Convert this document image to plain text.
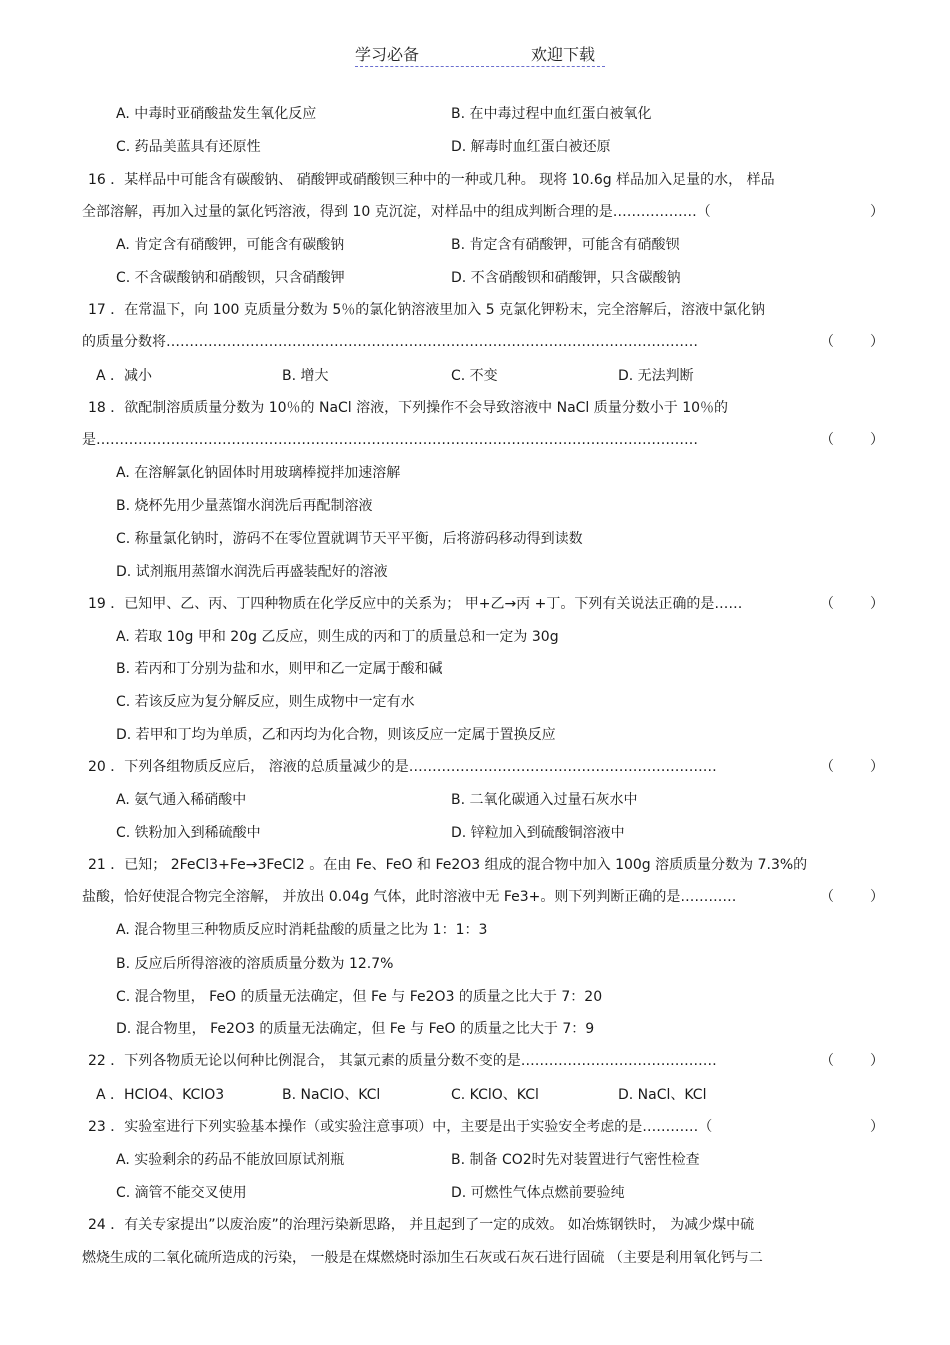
学习必备	欢迎下载
A. 中毒时亚硝酸盐发生氧化反应	B. 在中毒过程中血红蛋白被氧化
C. 药品美蓝具有还原性	D. 解毒时血红蛋白被还原
16 ．某样品中可能含有碳酸钠、 硝酸钾或硝酸钡三种中的一种或几种。 现将 10.6g 样品加入足量的水， 样品
全部溶解，再加入过量的氯化钙溶液，得到 10 克沉淀，对样品中的组成判断合理的是………………（	）
A. 肯定含有硝酸钾，可能含有碳酸钠	B. 肯定含有硝酸钾，可能含有硝酸钡
C. 不含碳酸钠和硝酸钡，只含硝酸钾	D. 不含硝酸钡和硝酸钾，只含碳酸钠
17 ．在常温下，向 100 克质量分数为 5％的氯化钠溶液里加入 5 克氯化钾粉末，完全溶解后，溶液中氯化钠
的质量分数将……………………………………………………………………………………………………	（	）
A ．减小	B. 增大	C. 不变	D. 无法判断
18 ．欲配制溶质质量分数为 10％的 NaCl 溶液，下列操作不会导致溶液中 NaCl 质量分数小于 10％的
是…………………………………………………………………………………………………………………	（	）
A. 在溶解氯化钠固体时用玻璃棒搅拌加速溶解
B. 烧杯先用少量蒸馏水润洗后再配制溶液
C. 称量氯化钠时，游码不在零位置就调节天平平衡，后将游码移动得到读数
D. 试剂瓶用蒸馏水润洗后再盛装配好的溶液
19 ．已知甲、乙、丙、丁四种物质在化学反应中的关系为； 甲+乙→丙 +丁。下列有关说法正确的是……	（	）
A. 若取 10g 甲和 20g 乙反应，则生成的丙和丁的质量总和一定为 30g
B. 若丙和丁分别为盐和水，则甲和乙一定属于酸和碱
C. 若该反应为复分解反应，则生成物中一定有水
D. 若甲和丁均为单质，乙和丙均为化合物，则该反应一定属于置换反应
20 ．下列各组物质反应后， 溶液的总质量减少的是…………………………………………………………	（	）
A. 氨气通入稀硝酸中	B. 二氧化碳通入过量石灰水中
C. 铁粉加入到稀硫酸中	D. 锌粒加入到硫酸铜溶液中
21 ．已知； 2FeCl3+Fe→3FeCl2 。在由 Fe、FeO 和 Fe2O3 组成的混合物中加入 100g 溶质质量分数为 7.3%的
盐酸，恰好使混合物完全溶解， 并放出 0.04g 气体，此时溶液中无 Fe3+。则下列判断正确的是…………	（	）
A. 混合物里三种物质反应时消耗盐酸的质量之比为 1：1：3
B. 反应后所得溶液的溶质质量分数为 12.7%
C. 混合物里， FeO 的质量无法确定，但 Fe 与 Fe2O3 的质量之比大于 7：20
D. 混合物里， Fe2O3 的质量无法确定，但 Fe 与 FeO 的质量之比大于 7：9
22 ．下列各物质无论以何种比例混合， 其氯元素的质量分数不变的是……………………………………	（	）
A ．HClO4、KClO3	B. NaClO、KCl	C. KClO、KCl	D. NaCl、KCl
23 ．实验室进行下列实验基本操作（或实验注意事项）中，主要是出于实验安全考虑的是…………（	）
A. 实验剩余的药品不能放回原试剂瓶	B. 制备 CO2时先对装置进行气密性检查
C. 滴管不能交叉使用	D. 可燃性气体点燃前要验纯
24 ．有关专家提出”以废治废”的治理污染新思路， 并且起到了一定的成效。 如冶炼钢铁时， 为减少煤中硫
燃烧生成的二氧化硫所造成的污染， 一般是在煤燃烧时添加生石灰或石灰石进行固硫 （主要是利用氧化钙与二
